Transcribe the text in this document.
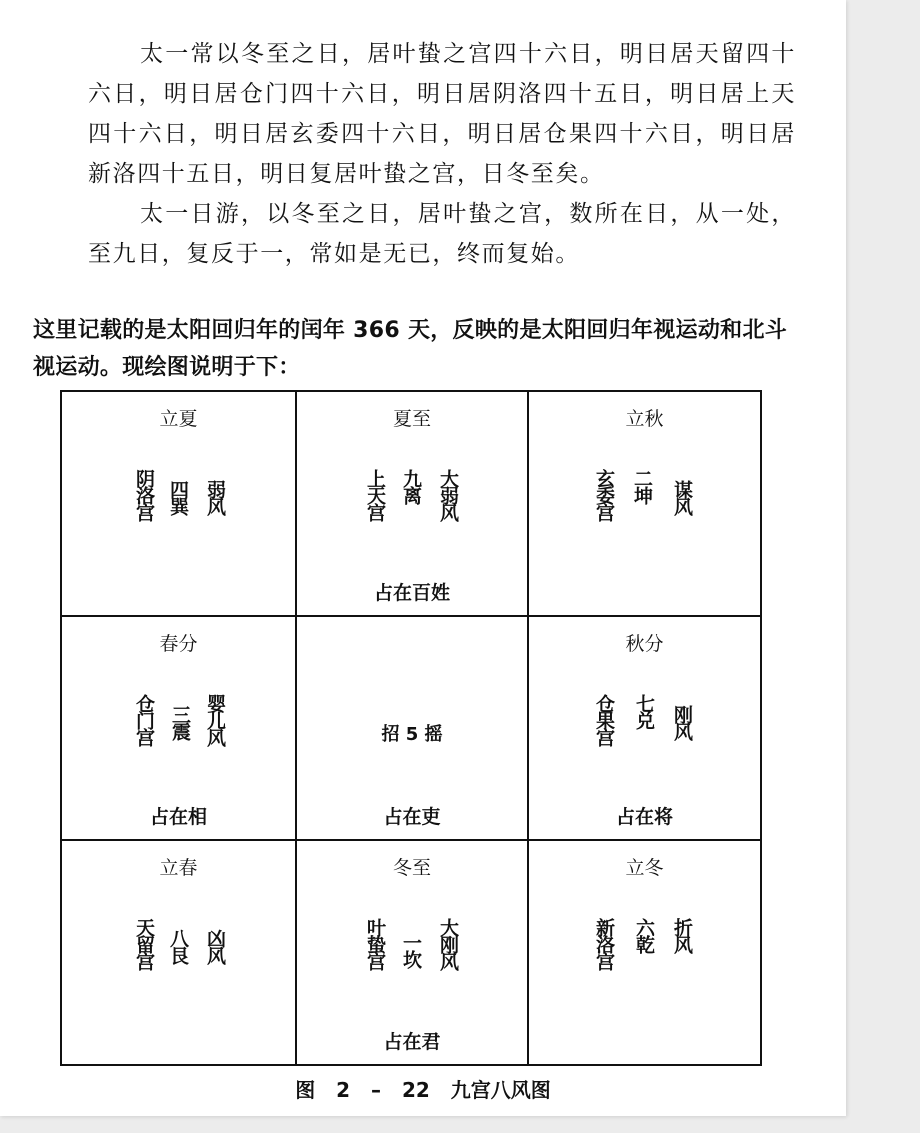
太一常以冬至之日，居叶蛰之宫四十六日，明日居天留四十六日，明日居仓门四十六日，明日居阴洛四十五日，明日居上天四十六日，明日居玄委四十六日，明日居仓果四十六日，明日居新洛四十五日，明日复居叶蛰之宫，日冬至矣。

太一日游，以冬至之日，居叶蛰之宫，数所在日，从一处，至九日，复反于一，常如是无已，终而复始。

这里记载的是太阳回归年的闰年 366 天，反映的是太阳回归年视运动和北斗视运动。现绘图说明于下：
立夏
阴洛宫 四巽 弱风
夏至
上天宫 九离 大弱风
占在百姓
立秋
玄委宫 二坤 谋风
春分
仓门宫 三震 婴儿风
占在相
招 5 摇
占在吏
秋分
仓果宫 七兑 刚风
占在将
立春
天留宫 八艮 凶风
冬至
叶蛰宫 一坎 大刚风
占在君
立冬
新洛宫 六乾 折风
图 2 – 22 九宫八风图
